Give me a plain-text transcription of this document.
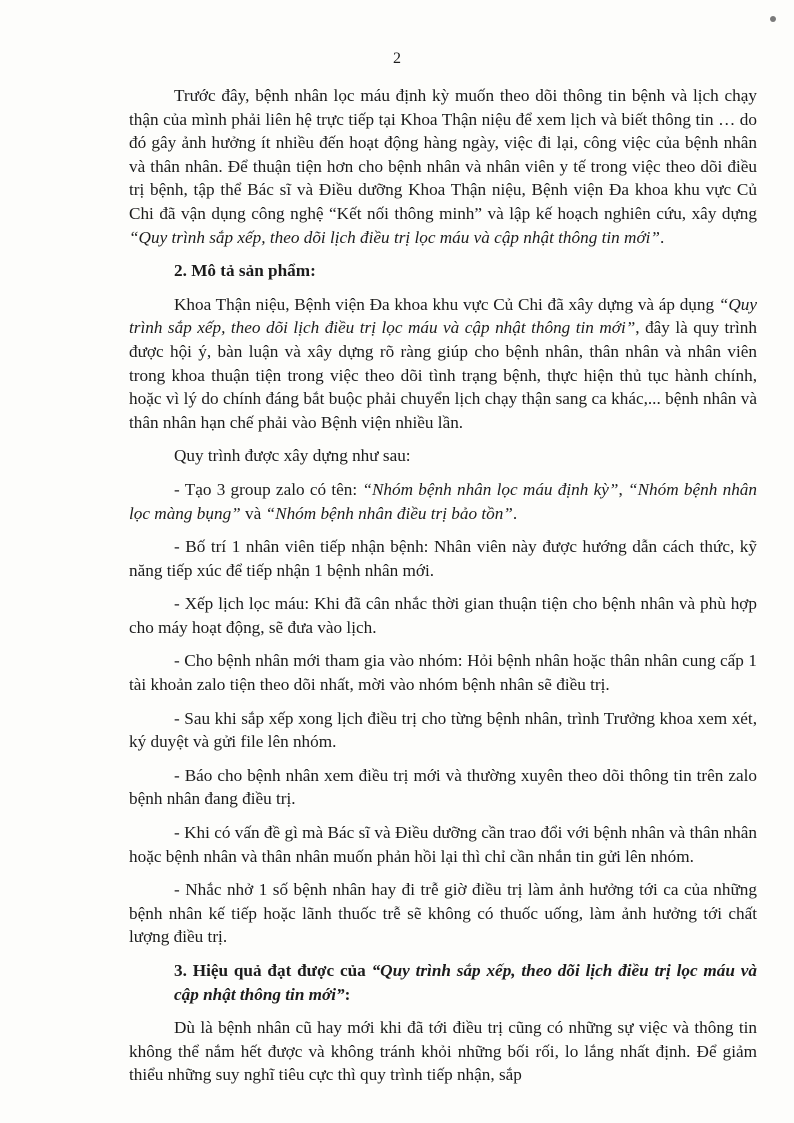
2

Trước đây, bệnh nhân lọc máu định kỳ muốn theo dõi thông tin bệnh và lịch chạy thận của mình phải liên hệ trực tiếp tại Khoa Thận niệu để xem lịch và biết thông tin … do đó gây ảnh hưởng ít nhiều đến hoạt động hàng ngày, việc đi lại, công việc của bệnh nhân và thân nhân. Để thuận tiện hơn cho bệnh nhân và nhân viên y tế trong việc theo dõi điều trị bệnh, tập thể Bác sĩ và Điều dưỡng Khoa Thận niệu, Bệnh viện Đa khoa khu vực Củ Chi đã vận dụng công nghệ “Kết nối thông minh” và lập kế hoạch nghiên cứu, xây dựng “Quy trình sắp xếp, theo dõi lịch điều trị lọc máu và cập nhật thông tin mới”.

2. Mô tả sản phẩm:

Khoa Thận niệu, Bệnh viện Đa khoa khu vực Củ Chi đã xây dựng và áp dụng “Quy trình sắp xếp, theo dõi lịch điều trị lọc máu và cập nhật thông tin mới”, đây là quy trình được hội ý, bàn luận và xây dựng rõ ràng giúp cho bệnh nhân, thân nhân và nhân viên trong khoa thuận tiện trong việc theo dõi tình trạng bệnh, thực hiện thủ tục hành chính, hoặc vì lý do chính đáng bắt buộc phải chuyển lịch chạy thận sang ca khác,... bệnh nhân và thân nhân hạn chế phải vào Bệnh viện nhiều lần.

Quy trình được xây dựng như sau:

- Tạo 3 group zalo có tên: “Nhóm bệnh nhân lọc máu định kỳ”, “Nhóm bệnh nhân lọc màng bụng” và “Nhóm bệnh nhân điều trị bảo tồn”.

- Bố trí 1 nhân viên tiếp nhận bệnh: Nhân viên này được hướng dẫn cách thức, kỹ năng tiếp xúc để tiếp nhận 1 bệnh nhân mới.

- Xếp lịch lọc máu: Khi đã cân nhắc thời gian thuận tiện cho bệnh nhân và phù hợp cho máy hoạt động, sẽ đưa vào lịch.

- Cho bệnh nhân mới tham gia vào nhóm: Hỏi bệnh nhân hoặc thân nhân cung cấp 1 tài khoản zalo tiện theo dõi nhất, mời vào nhóm bệnh nhân sẽ điều trị.

- Sau khi sắp xếp xong lịch điều trị cho từng bệnh nhân, trình Trưởng khoa xem xét, ký duyệt và gửi file lên nhóm.

- Báo cho bệnh nhân xem điều trị mới và thường xuyên theo dõi thông tin trên zalo bệnh nhân đang điều trị.

- Khi có vấn đề gì mà Bác sĩ và Điều dưỡng cần trao đổi với bệnh nhân và thân nhân hoặc bệnh nhân và thân nhân muốn phản hồi lại thì chỉ cần nhắn tin gửi lên nhóm.

- Nhắc nhở 1 số bệnh nhân hay đi trễ giờ điều trị làm ảnh hưởng tới ca của những bệnh nhân kế tiếp hoặc lãnh thuốc trễ sẽ không có thuốc uống, làm ảnh hưởng tới chất lượng điều trị.

3. Hiệu quả đạt được của “Quy trình sắp xếp, theo dõi lịch điều trị lọc máu và cập nhật thông tin mới”:

Dù là bệnh nhân cũ hay mới khi đã tới điều trị cũng có những sự việc và thông tin không thể nắm hết được và không tránh khỏi những bối rối, lo lắng nhất định. Để giảm thiểu những suy nghĩ tiêu cực thì quy trình tiếp nhận, sắp
